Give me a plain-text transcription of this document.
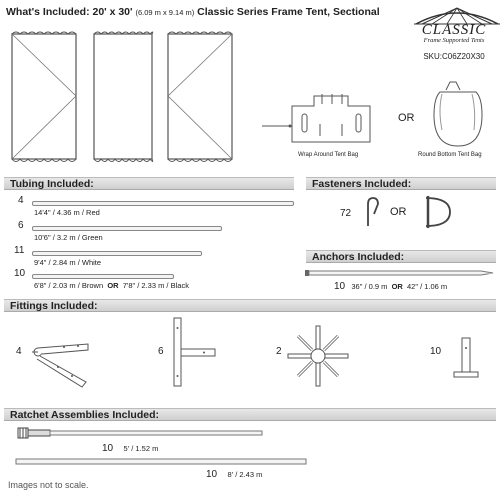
What's Included: 20' x 30' (6.09 m x 9.14 m) Classic Series Frame Tent, Sectional
CLASSIC
Frame Supported Tents
SKU:C06Z20X30
Wrap Around Tent Bag
OR
Round Bottom Tent Bag
Tubing Included:
4
14'4" / 4.36 m / Red
6
10'6" / 3.2 m / Green
11
9'4" / 2.84 m / White
10
6'8" / 2.03 m / Brown OR 7'8" / 2.33 m / Black
Fasteners Included:
72	OR
Anchors Included:
10 36" / 0.9 m OR 42" / 1.06 m
Fittings Included:
4	6	2	10
Ratchet Assemblies Included:
10 5' / 1.52 m
10 8' / 2.43 m
Images not to scale.
